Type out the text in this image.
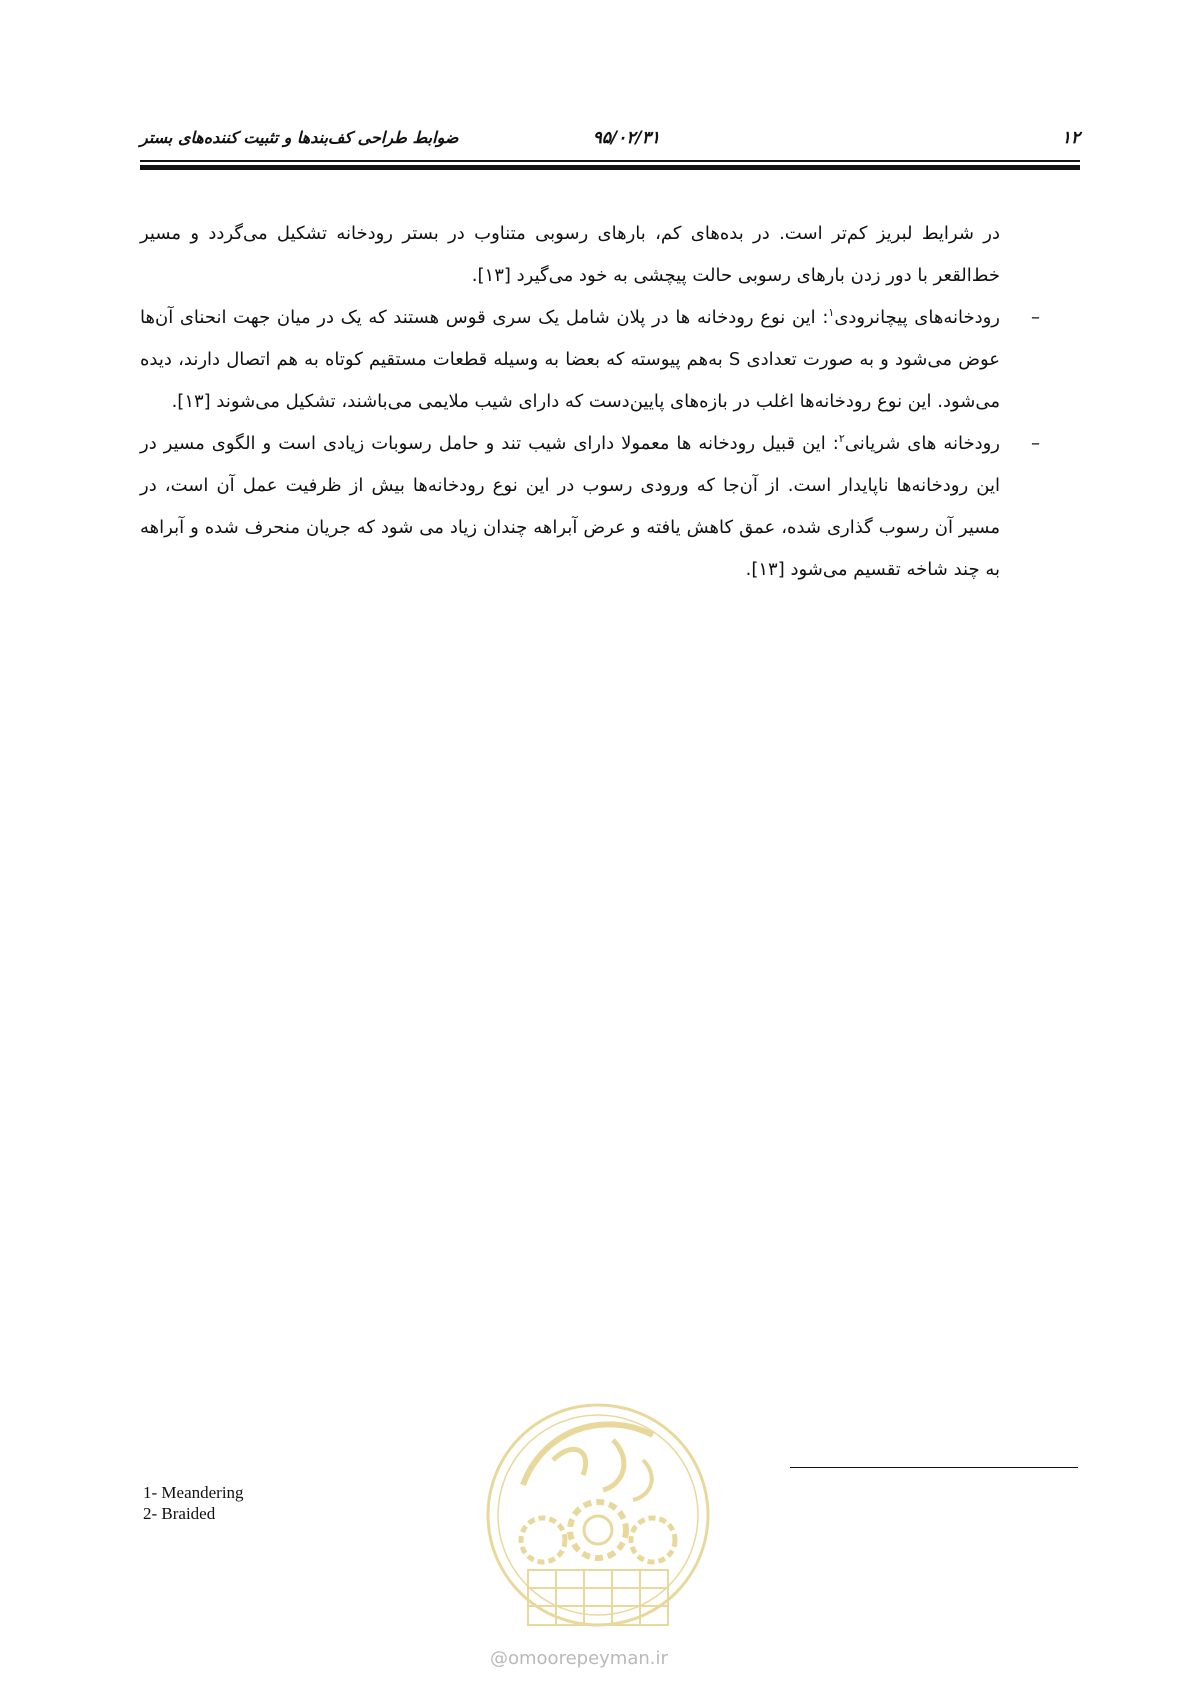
۱۲
۹۵/۰۲/۳۱
ضوابط طراحی کف‌بندها و تثبیت کننده‌های بستر

در شرایط لبریز کم‌تر است. در بده‌های کم، بارهای رسوبی متناوب در بستر رودخانه تشکیل می‌گردد و مسیر خط‌القعر با دور زدن بارهای رسوبی حالت پیچشی به خود می‌گیرد [۱۳].

–
رودخانه‌های پیچانرودی$^۱$: این نوع رودخانه ها در پلان شامل یک سری قوس هستند که یک در میان جهت انحنای آن‌ها عوض می‌شود و به صورت تعدادی S به‌هم پیوسته که بعضا به وسیله قطعات مستقیم کوتاه به هم اتصال دارند، دیده می‌شود. این نوع رودخانه‌ها اغلب در بازه‌های پایین‌دست که دارای شیب ملایمی می‌باشند، تشکیل می‌شوند [۱۳].

–
رودخانه های شریانی$^۲$: این قبیل رودخانه ها معمولا دارای شیب تند و حامل رسوبات زیادی است و الگوی مسیر در این رودخانه‌ها ناپایدار است. از آن‌جا که ورودی رسوب در این نوع رودخانه‌ها بیش از ظرفیت عمل آن است، در مسیر آن رسوب گذاری شده، عمق کاهش یافته و عرض آبراهه چندان زیاد می شود که جریان منحرف شده و آبراهه به چند شاخه تقسیم می‌شود [۱۳].

1- Meandering
2- Braided
@omoorepeyman.ir
